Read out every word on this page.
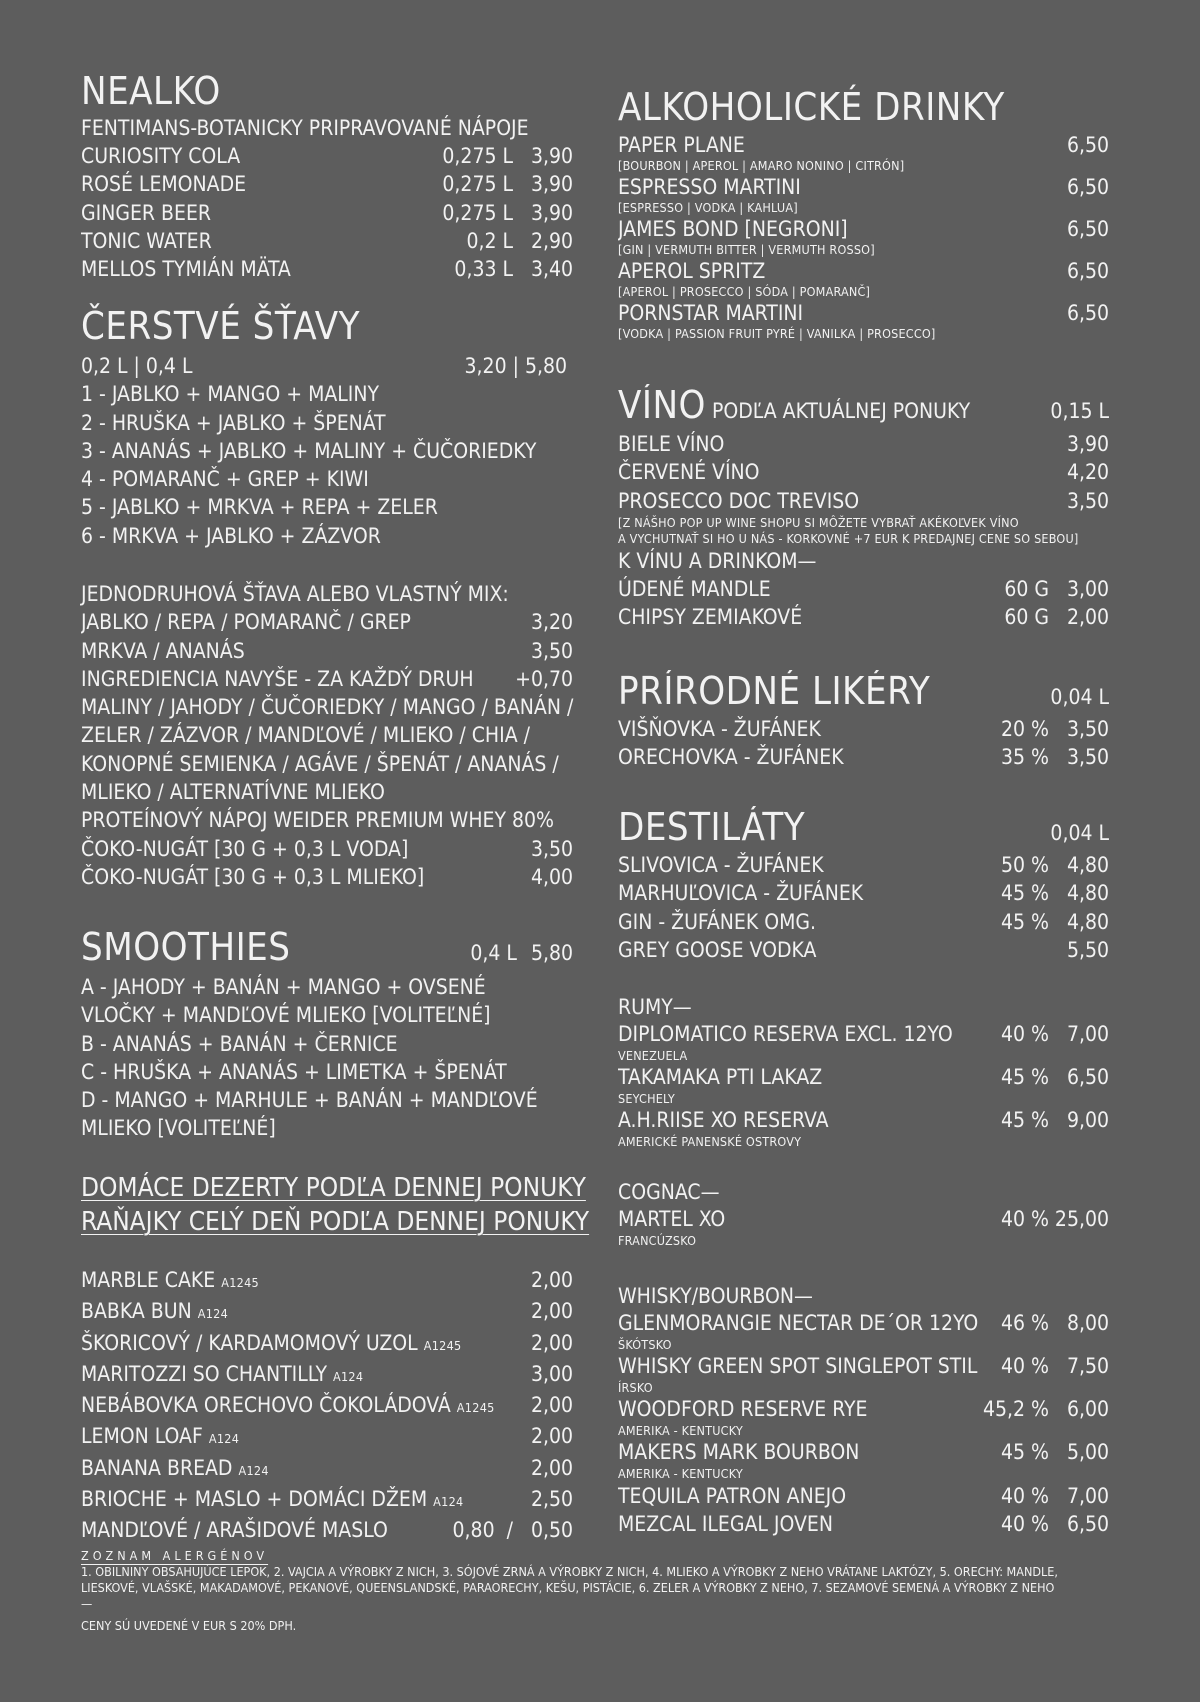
NEALKO
FENTIMANS-BOTANICKY PRIPRAVOVANÉ NÁPOJE
CURIOSITY COLA	0,275 L 3,90
ROSÉ LEMONADE	0,275 L 3,90
GINGER BEER	0,275 L 3,90
TONIC WATER	0,2 L 2,90
MELLOS TYMIÁN MÄTA	0,33 L 3,40
ČERSTVÉ ŠŤAVY
0,2 L | 0,4 L	3,20 | 5,80
1 - JABLKO + MANGO + MALINY
2 - HRUŠKA + JABLKO + ŠPENÁT
3 - ANANÁS + JABLKO + MALINY + ČUČORIEDKY
4 - POMARANČ + GREP + KIWI
5 - JABLKO + MRKVA + REPA + ZELER
6 - MRKVA + JABLKO + ZÁZVOR
JEDNODRUHOVÁ ŠŤAVA ALEBO VLASTNÝ MIX:
JABLKO / REPA / POMARANČ / GREP	3,20
MRKVA / ANANÁS	3,50
INGREDIENCIA NAVYŠE - ZA KAŽDÝ DRUH	+0,70
MALINY / JAHODY / ČUČORIEDKY / MANGO / BANÁN /
ZELER / ZÁZVOR / MANDĽOVÉ / MLIEKO / CHIA /
KONOPNÉ SEMIENKA / AGÁVE / ŠPENÁT / ANANÁS /
MLIEKO / ALTERNATÍVNE MLIEKO
PROTEÍNOVÝ NÁPOJ WEIDER PREMIUM WHEY 80%
ČOKO-NUGÁT [30 G + 0,3 L VODA]	3,50
ČOKO-NUGÁT [30 G + 0,3 L MLIEKO]	4,00
SMOOTHIES	0,4 L 5,80
A - JAHODY + BANÁN + MANGO + OVSENÉ
VLOČKY + MANDĽOVÉ MLIEKO [VOLITEĽNÉ]
B - ANANÁS + BANÁN + ČERNICE
C - HRUŠKA + ANANÁS + LIMETKA + ŠPENÁT
D - MANGO + MARHULE + BANÁN + MANDĽOVÉ
MLIEKO [VOLITEĽNÉ]
DOMÁCE DEZERTY PODĽA DENNEJ PONUKY
RAŇAJKY CELÝ DEŇ PODĽA DENNEJ PONUKY
MARBLE CAKE A1245	2,00
BABKA BUN A124	2,00
ŠKORICOVÝ / KARDAMOMOVÝ UZOL A1245	2,00
MARITOZZI SO CHANTILLY A124	3,00
NEBÁBOVKA ORECHOVO ČOKOLÁDOVÁ A1245	2,00
LEMON LOAF A124	2,00
BANANA BREAD A124	2,00
BRIOCHE + MASLO + DOMÁCI DŽEM A124	2,50
MANDĽOVÉ / ARAŠIDOVÉ MASLO	0,80  /   0,50
ALKOHOLICKÉ DRINKY
PAPER PLANE	6,50
[BOURBON | APEROL | AMARO NONINO | CITRÓN]
ESPRESSO MARTINI	6,50
[ESPRESSO | VODKA | KAHLUA]
JAMES BOND [NEGRONI]	6,50
[GIN | VERMUTH BITTER | VERMUTH ROSSO]
APEROL SPRITZ	6,50
[APEROL | PROSECCO | SÓDA | POMARANČ]
PORNSTAR MARTINI	6,50
[VODKA | PASSION FRUIT PYRÉ | VANILKA | PROSECCO]
VÍNO PODĽA AKTUÁLNEJ PONUKY	0,15 L
BIELE VÍNO	3,90
ČERVENÉ VÍNO	4,20
PROSECCO DOC TREVISO	3,50
[Z NÁŠHO POP UP WINE SHOPU SI MÔŽETE VYBRAŤ AKÉKOĽVEK VÍNO
A VYCHUTNAŤ SI HO U NÁS - KORKOVNÉ +7 EUR K PREDAJNEJ CENE SO SEBOU]
K VÍNU A DRINKOM—
ÚDENÉ MANDLE	60 G 3,00
CHIPSY ZEMIAKOVÉ	60 G 2,00
PRÍRODNÉ LIKÉRY	0,04 L
VIŠŇOVKA - ŽUFÁNEK	20 % 3,50
ORECHOVKA - ŽUFÁNEK	35 % 3,50
DESTILÁTY	0,04 L
SLIVOVICA - ŽUFÁNEK	50 % 4,80
MARHUĽOVICA - ŽUFÁNEK	45 % 4,80
GIN - ŽUFÁNEK OMG.	45 % 4,80
GREY GOOSE VODKA	5,50
RUMY—
DIPLOMATICO RESERVA EXCL. 12YO	40 % 7,00
VENEZUELA
TAKAMAKA PTI LAKAZ	45 % 6,50
SEYCHELY
A.H.RIISE XO RESERVA	45 % 9,00
AMERICKÉ PANENSKÉ OSTROVY
COGNAC—
MARTEL XO	40 % 25,00
FRANCÚZSKO
WHISKY/BOURBON—
GLENMORANGIE NECTAR DE´OR 12YO	46 % 8,00
ŠKÓTSKO
WHISKY GREEN SPOT SINGLEPOT STIL	40 % 7,50
ÍRSKO
WOODFORD RESERVE RYE	45,2 % 6,00
AMERIKA - KENTUCKY
MAKERS MARK BOURBON	45 % 5,00
AMERIKA - KENTUCKY
TEQUILA PATRON ANEJO	40 % 7,00
MEZCAL ILEGAL JOVEN	40 % 6,50
ZOZNAM ALERGÉNOV
1. OBILNINY OBSAHUJÚCE LEPOK, 2. VAJCIA A VÝROBKY Z NICH, 3. SÓJOVÉ ZRNÁ A VÝROBKY Z NICH, 4. MLIEKO A VÝROBKY Z NEHO VRÁTANE LAKTÓZY, 5. ORECHY: MANDLE,
LIESKOVÉ, VLAŠSKÉ, MAKADAMOVÉ, PEKANOVÉ, QUEENSLANDSKÉ, PARAORECHY, KEŠU, PISTÁCIE, 6. ZELER A VÝROBKY Z NEHO, 7. SEZAMOVÉ SEMENÁ A VÝROBKY Z NEHO
—
CENY SÚ UVEDENÉ V EUR S 20% DPH.
